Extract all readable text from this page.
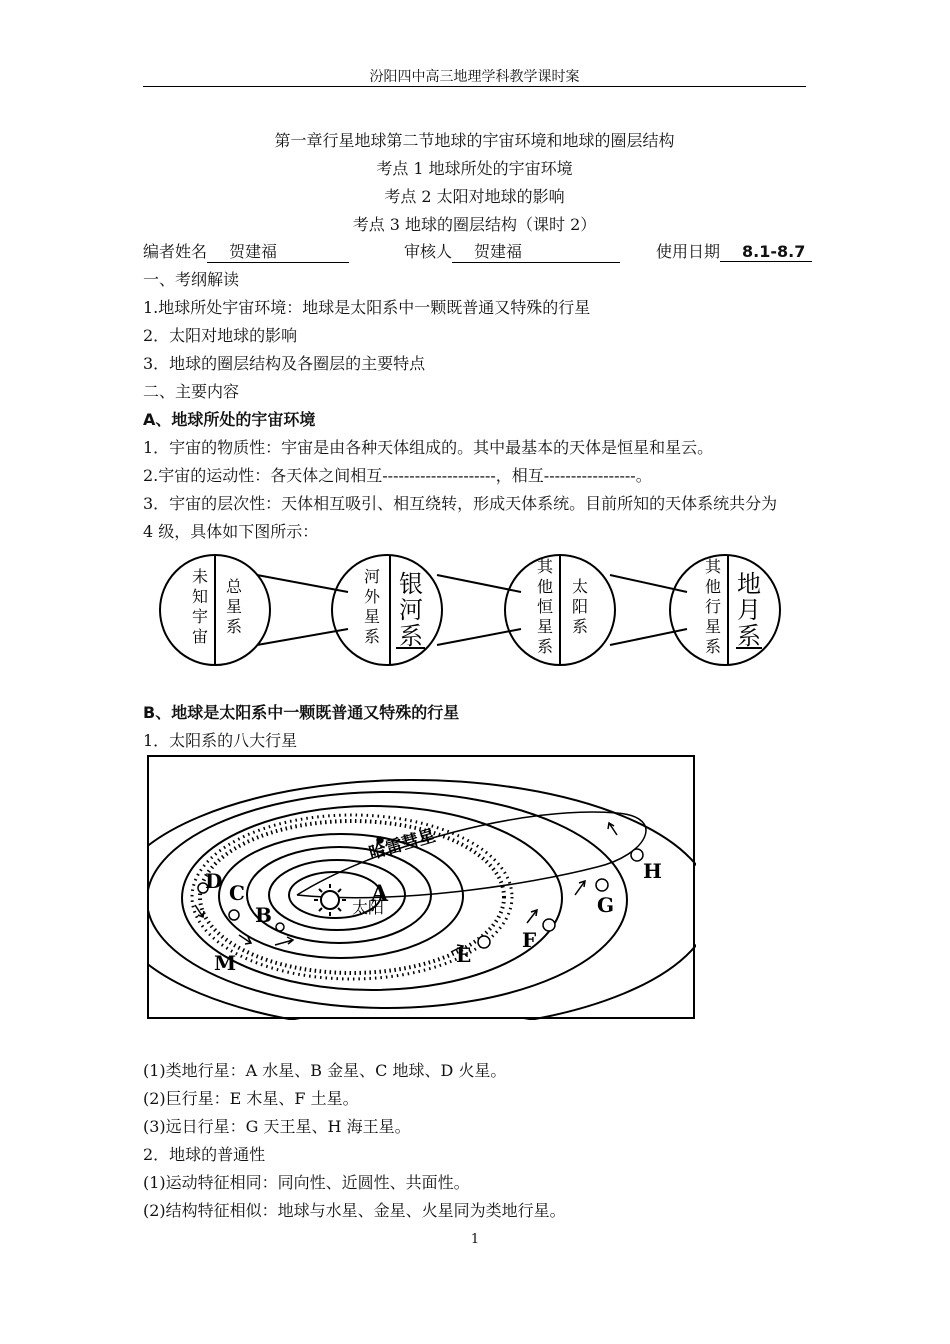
汾阳四中高三地理学科教学课时案
第一章行星地球第二节地球的宇宙环境和地球的圈层结构
考点 1 地球所处的宇宙环境
考点 2 太阳对地球的影响
考点 3 地球的圈层结构（课时 2）
编者姓名 贺建福	审核人 贺建福	使用日期 8.1-8.7
一、考纲解读
1.地球所处宇宙环境：地球是太阳系中一颗既普通又特殊的行星
2．太阳对地球的影响
3．地球的圈层结构及各圈层的主要特点
二、主要内容
A、地球所处的宇宙环境
1．宇宙的物质性：宇宙是由各种天体组成的。其中最基本的天体是恒星和星云。
2.宇宙的运动性：各天体之间相互---------------------，相互-----------------。
3．宇宙的层次性：天体相互吸引、相互绕转，形成天体系统。目前所知的天体系统共分为
4 级，具体如下图所示：
未知宇宙
总星系
河外星系
银河系
其他恒星系
太阳系
其他行星系
地月系
B、地球是太阳系中一颗既普通又特殊的行星
1．太阳系的八大行星
A
B
C
D
E
F
G
H
M
太阳
哈雷彗星
(1)类地行星：A 水星、B 金星、C 地球、D 火星。
(2)巨行星：E 木星、F 土星。
(3)远日行星：G 天王星、H 海王星。
2．地球的普通性
(1)运动特征相同：同向性、近圆性、共面性。
(2)结构特征相似：地球与水星、金星、火星同为类地行星。
1
